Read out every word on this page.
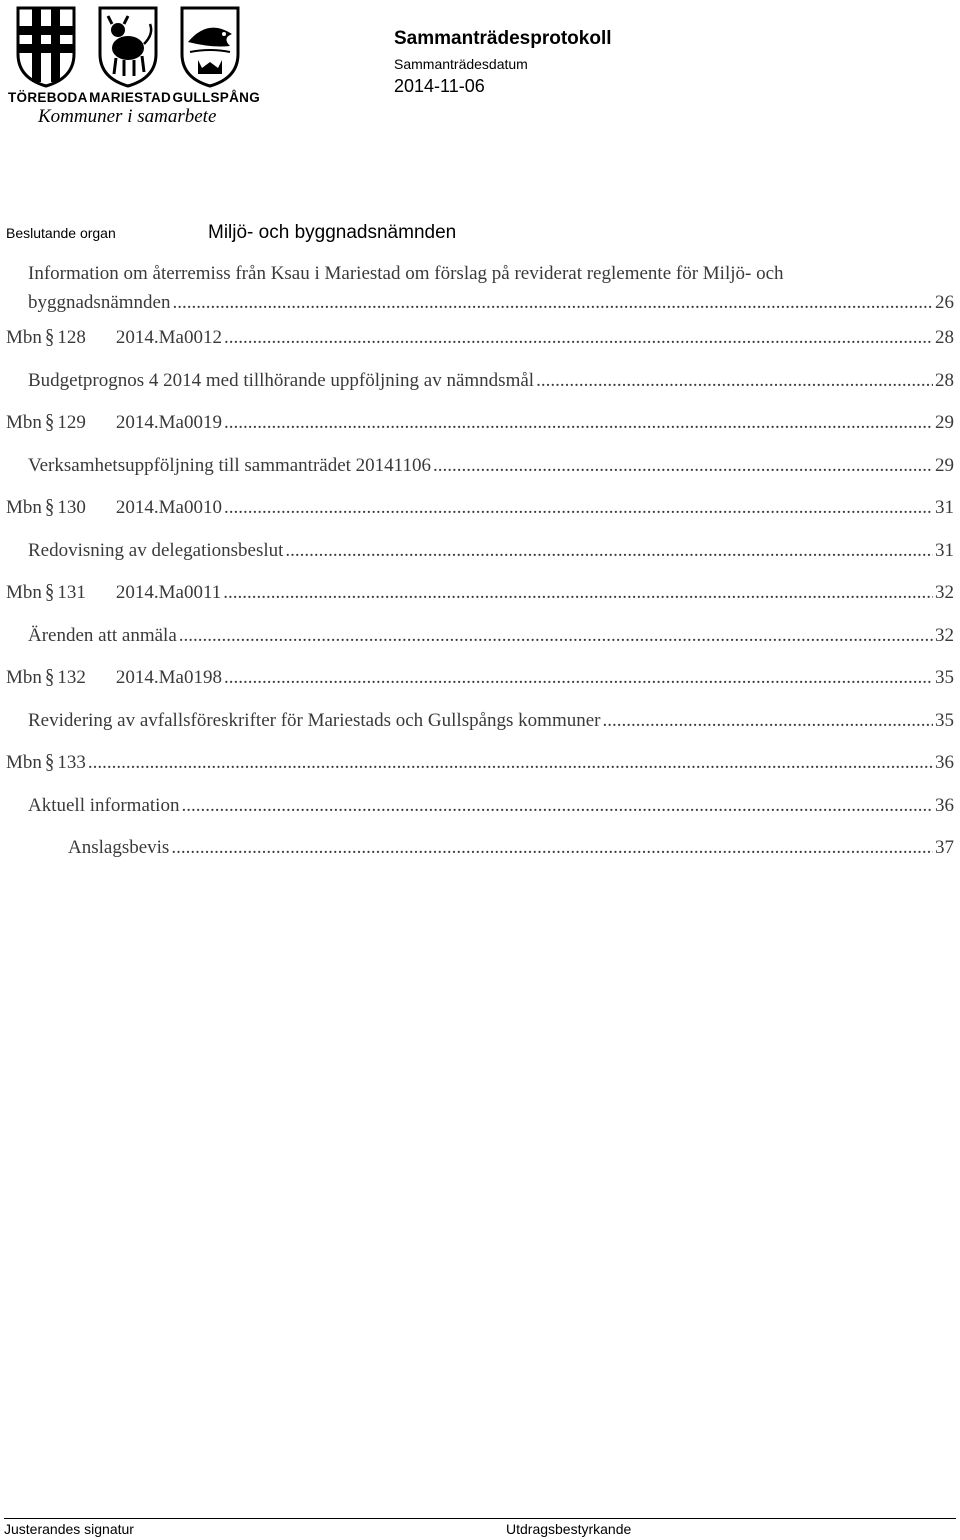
TÖREBODA MARIESTAD GULLSPÅNG
Kommuner i samarbete
Sammanträdesprotokoll
Sammanträdesdatum
2014-11-06
Beslutande organ	Miljö- och byggnadsnämnden
Information om återremiss från Ksau i Mariestad om förslag på reviderat reglemente för Miljö- och
byggnadsnämnden .....	26
Mbn § 128 2014.Ma0012 .....	28
Budgetprognos 4 2014 med tillhörande uppföljning av nämndsmål .....	28
Mbn § 129 2014.Ma0019 .....	29
Verksamhetsuppföljning till sammanträdet 20141106 .....	29
Mbn § 130 2014.Ma0010 .....	31
Redovisning av delegationsbeslut .....	31
Mbn § 131 2014.Ma0011 .....	32
Ärenden att anmäla .....	32
Mbn § 132 2014.Ma0198 .....	35
Revidering av avfallsföreskrifter för Mariestads och Gullspångs kommuner .....	35
Mbn § 133 .....	36
Aktuell information .....	36
Anslagsbevis .....	37
Justerandes signatur	Utdragsbestyrkande
